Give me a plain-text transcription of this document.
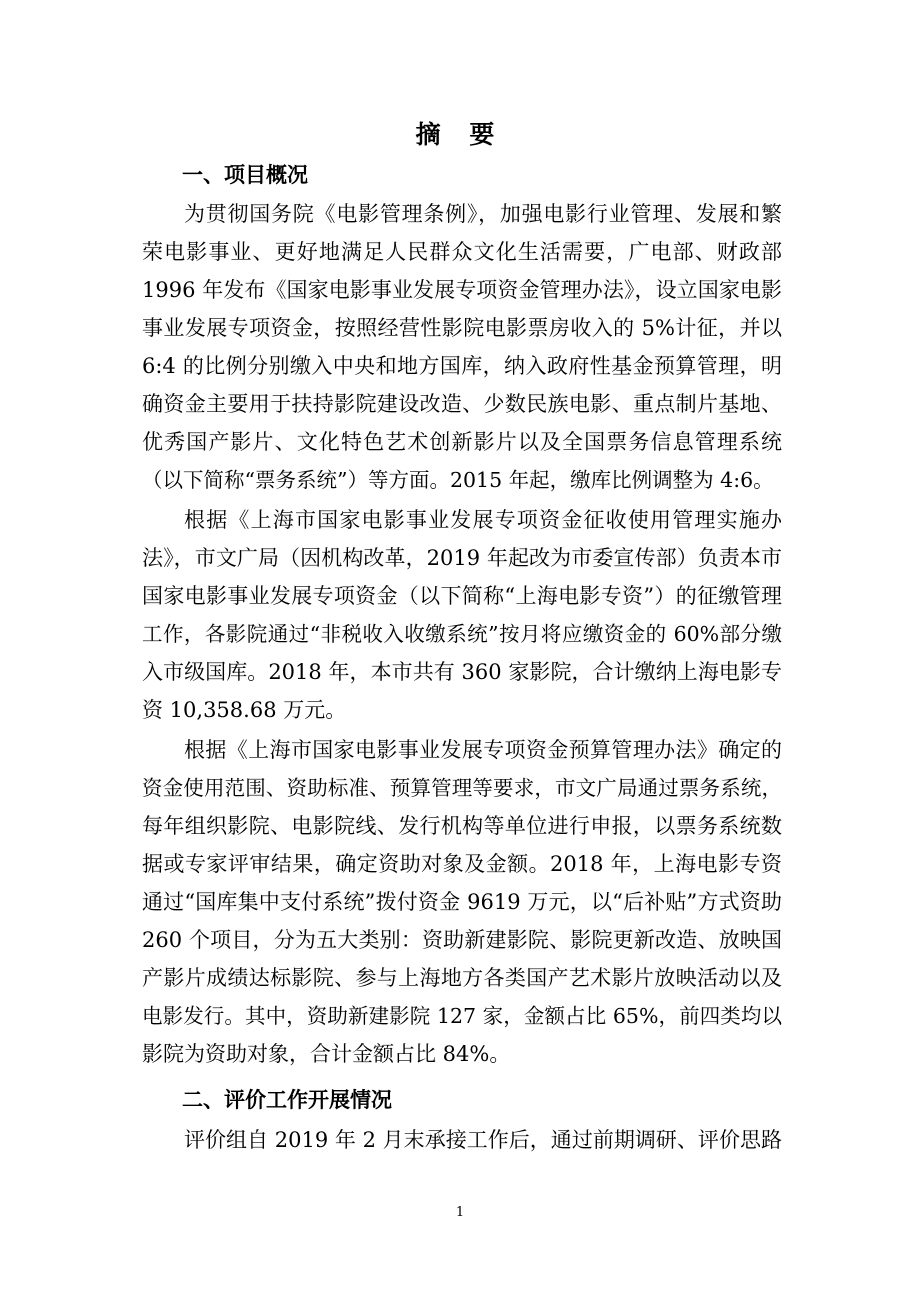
摘 要
一、项目概况
为贯彻国务院《电影管理条例》，加强电影行业管理、发展和繁
荣电影事业、更好地满足人民群众文化生活需要，广电部、财政部
1996 年发布《国家电影事业发展专项资金管理办法》，设立国家电影
事业发展专项资金，按照经营性影院电影票房收入的 5%计征，并以
6:4 的比例分别缴入中央和地方国库，纳入政府性基金预算管理，明
确资金主要用于扶持影院建设改造、少数民族电影、重点制片基地、
优秀国产影片、文化特色艺术创新影片以及全国票务信息管理系统
（以下简称“票务系统”）等方面。2015 年起，缴库比例调整为 4:6。
根据《上海市国家电影事业发展专项资金征收使用管理实施办
法》，市文广局（因机构改革，2019 年起改为市委宣传部）负责本市
国家电影事业发展专项资金（以下简称“上海电影专资”）的征缴管理
工作，各影院通过“非税收入收缴系统”按月将应缴资金的 60%部分缴
入市级国库。2018 年，本市共有 360 家影院，合计缴纳上海电影专
资 10,358.68 万元。
根据《上海市国家电影事业发展专项资金预算管理办法》确定的
资金使用范围、资助标准、预算管理等要求，市文广局通过票务系统，
每年组织影院、电影院线、发行机构等单位进行申报，以票务系统数
据或专家评审结果，确定资助对象及金额。2018 年，上海电影专资
通过“国库集中支付系统”拨付资金 9619 万元，以“后补贴”方式资助
260 个项目，分为五大类别：资助新建影院、影院更新改造、放映国
产影片成绩达标影院、参与上海地方各类国产艺术影片放映活动以及
电影发行。其中，资助新建影院 127 家，金额占比 65%，前四类均以
影院为资助对象，合计金额占比 84%。
二、评价工作开展情况
评价组自 2019 年 2 月末承接工作后，通过前期调研、评价思路
1
